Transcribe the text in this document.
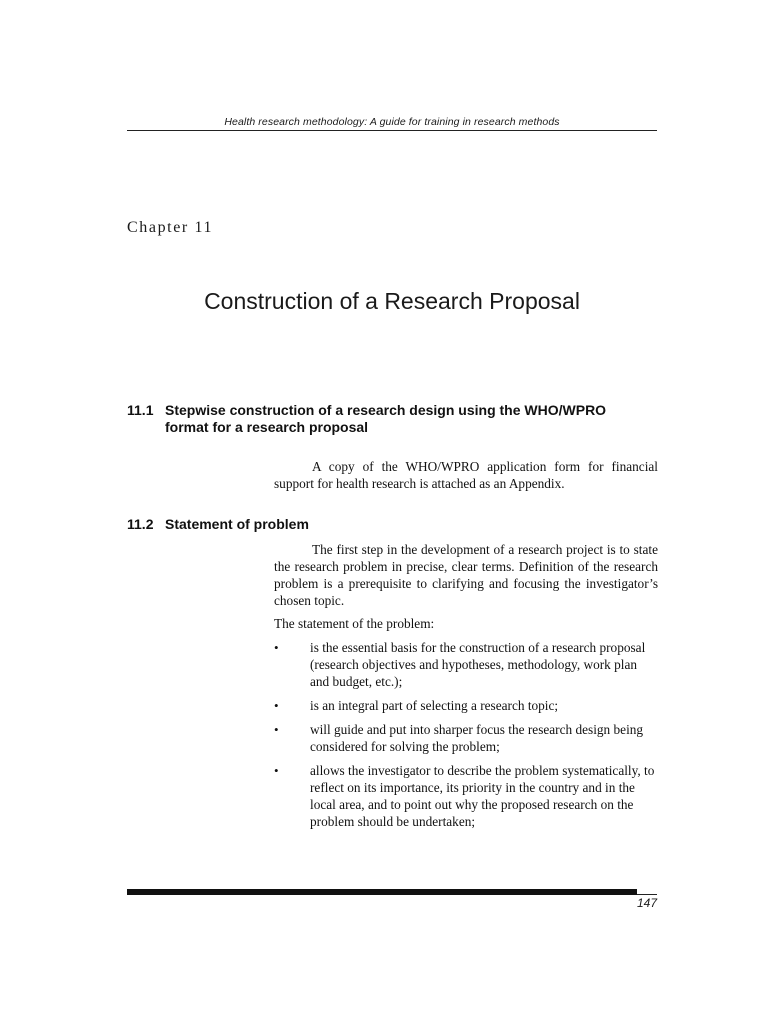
Health research methodology: A guide for training in research methods
Chapter 11
Construction of a Research Proposal
11.1 Stepwise construction of a research design using the WHO/WPRO format for a research proposal

A copy of the WHO/WPRO application form for financial support for health research is attached as an Appendix.

11.2 Statement of problem

The first step in the development of a research project is to state the research problem in precise, clear terms. Definition of the research problem is a prerequisite to clarifying and focusing the investigator’s chosen topic.

The statement of the problem:

•	is the essential basis for the construction of a research proposal (research objectives and hypotheses, methodology, work plan and budget, etc.);
•	is an integral part of selecting a research topic;
•	will guide and put into sharper focus the research design being considered for solving the problem;
•	allows the investigator to describe the problem systematically, to reflect on its importance, its priority in the country and in the local area, and to point out why the proposed research on the problem should be undertaken;
147
